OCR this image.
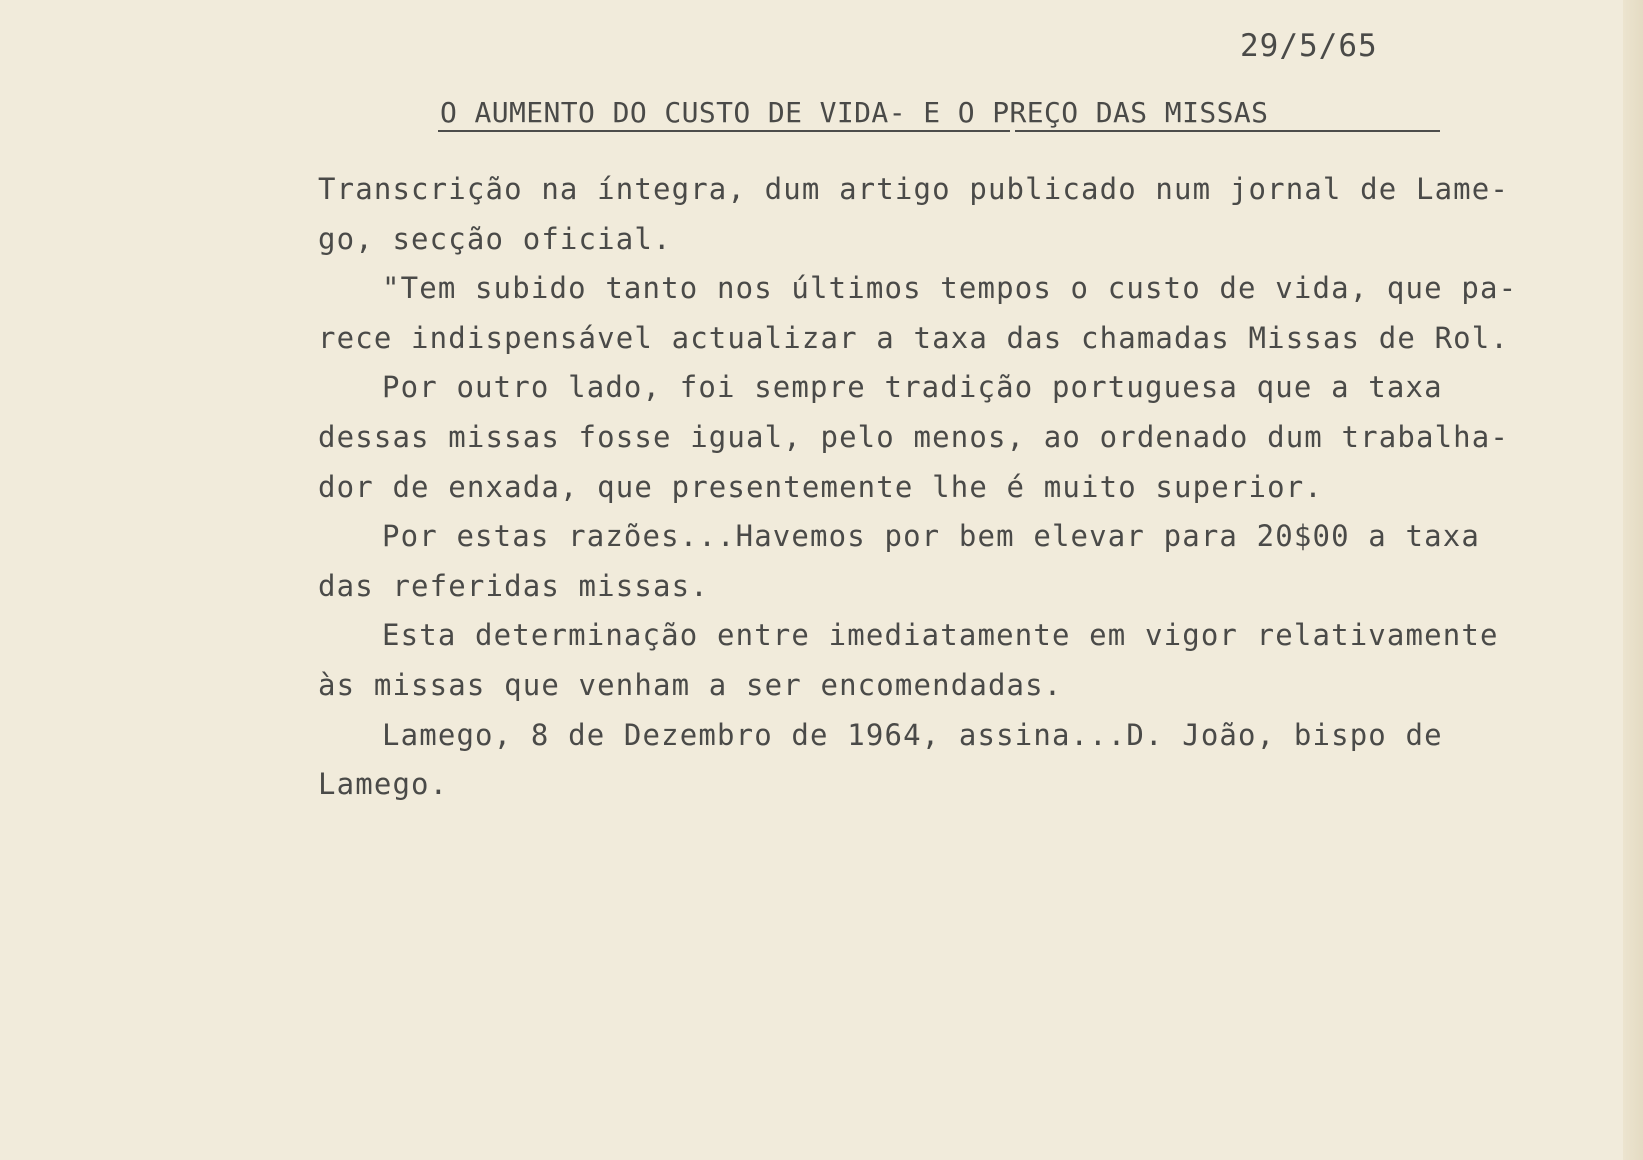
29/5/65
O AUMENTO DO CUSTO DE VIDA- E O PREÇO DAS MISSAS
Transcrição na íntegra, dum artigo publicado num jornal de Lame-
go, secção oficial.
"Tem subido tanto nos últimos tempos o custo de vida, que pa-
rece indispensável actualizar a taxa das chamadas Missas de Rol.
Por outro lado, foi sempre tradição portuguesa que a taxa
dessas missas fosse igual, pelo menos, ao ordenado dum trabalha-
dor de enxada, que presentemente lhe é muito superior.
Por estas razões...Havemos por bem elevar para 20$00 a taxa
das referidas missas.
Esta determinação entre imediatamente em vigor relativamente
às missas que venham a ser encomendadas.
Lamego, 8 de Dezembro de 1964, assina...D. João, bispo de
Lamego.
